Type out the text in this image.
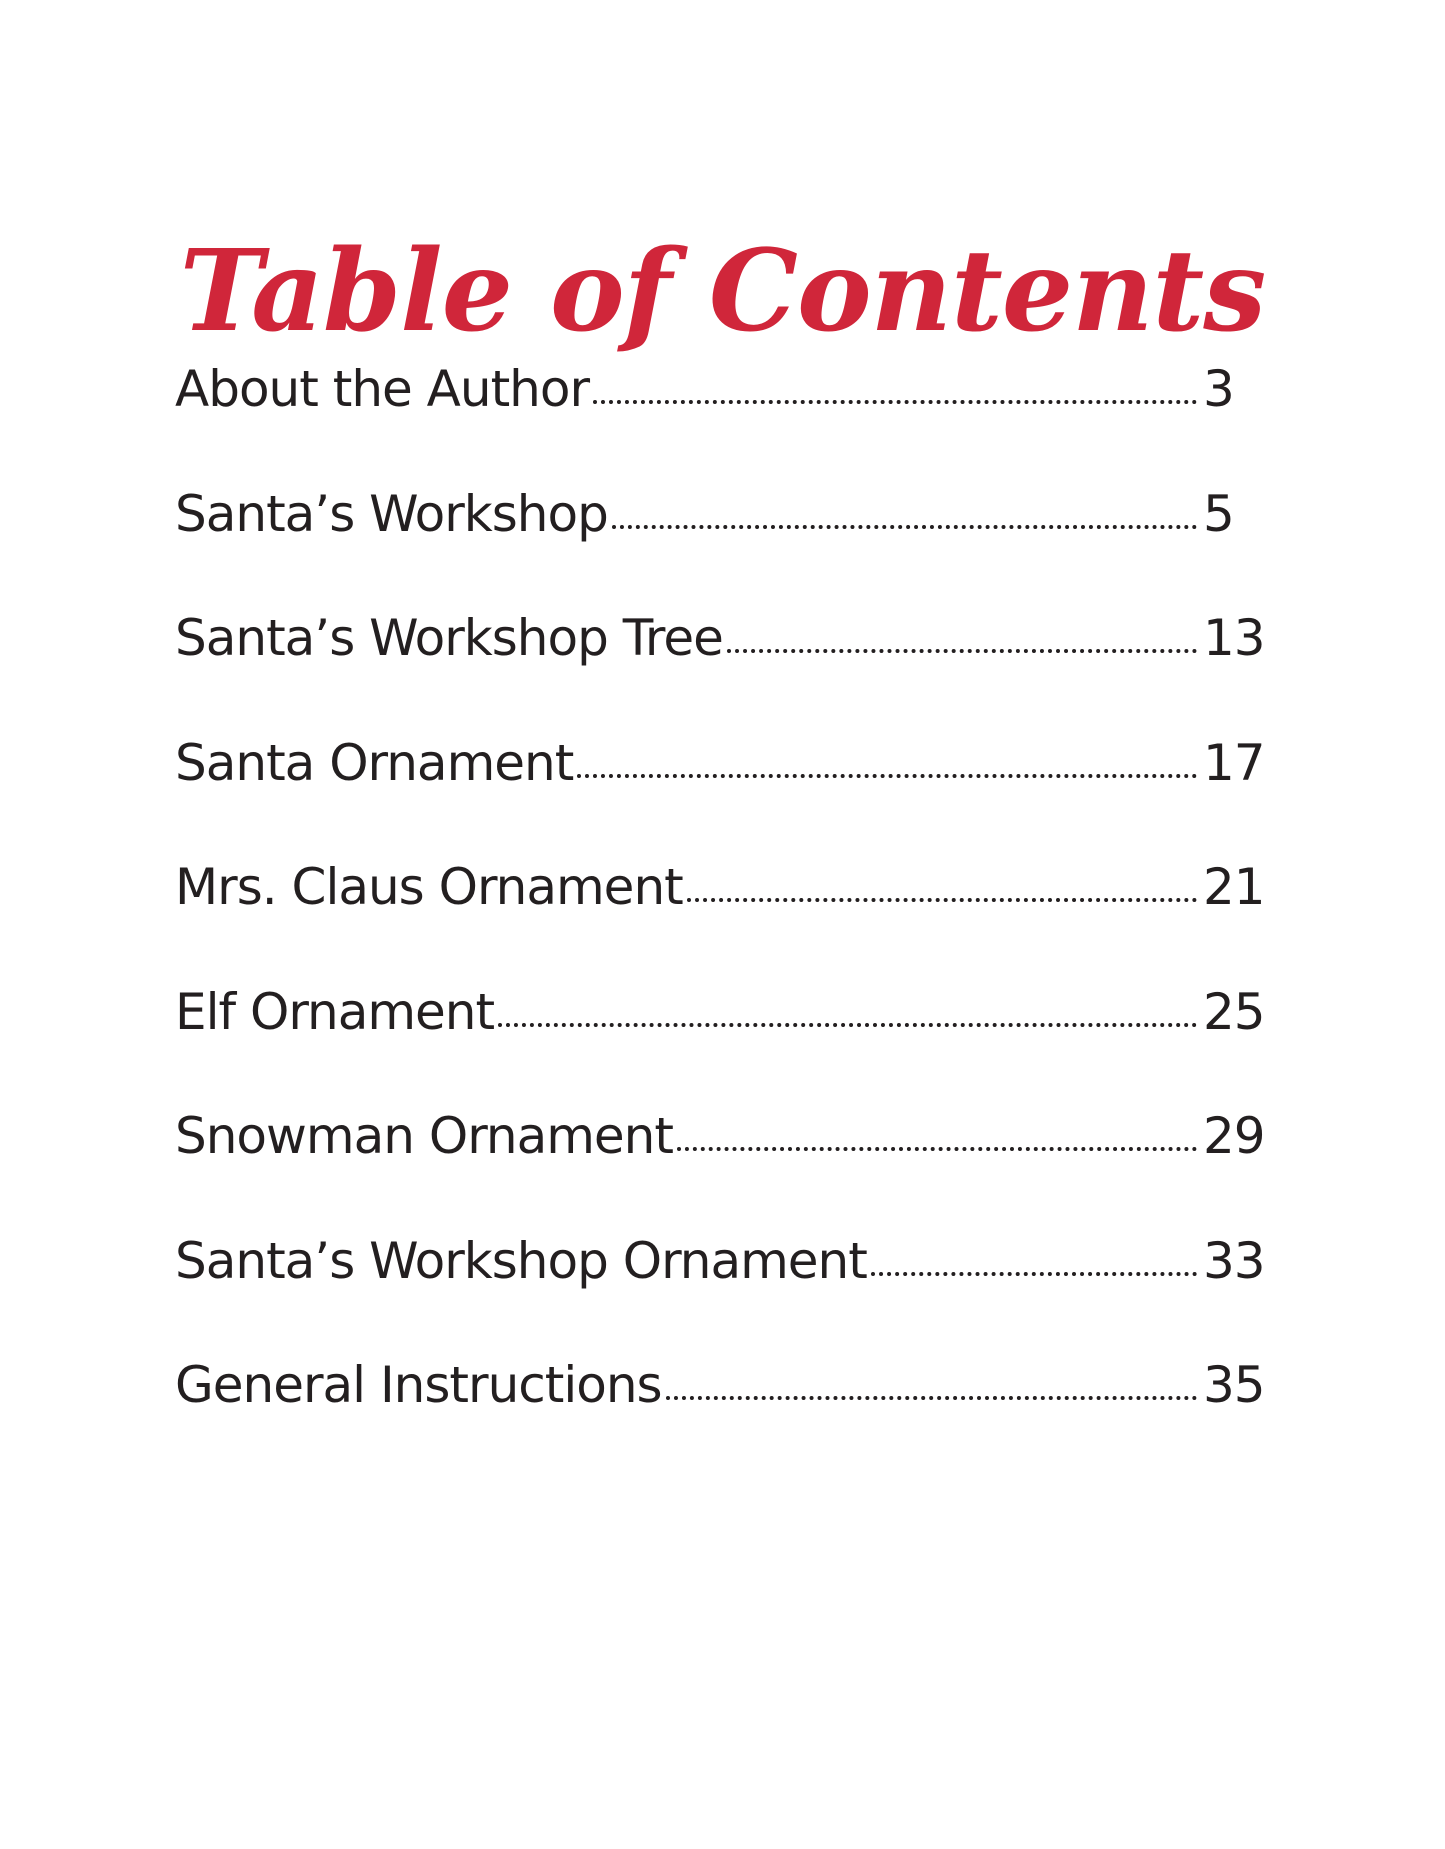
Table of Contents
About the Author	3
Santa’s Workshop	5
Santa’s Workshop Tree	13
Santa Ornament	17
Mrs. Claus Ornament	21
Elf Ornament	25
Snowman Ornament	29
Santa’s Workshop Ornament	33
General Instructions	35
